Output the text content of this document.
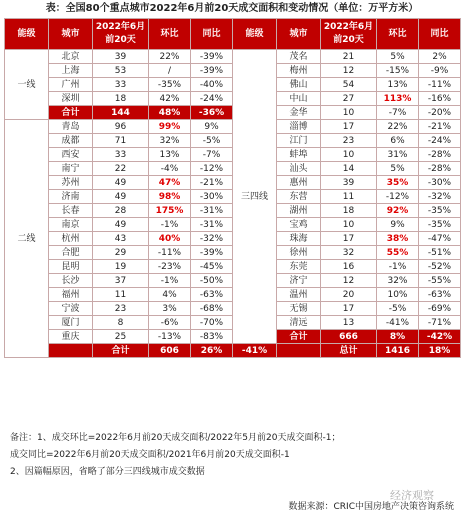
表：全国80个重点城市2022年6月前20天成交面积和变动情况（单位：万平方米）
能级	城市	2022年6月前20天	环比	同比	能级	城市	2022年6月前20天	环比	同比	
一线	北京	39	22%	-39%	三四线	茂名	21	5%	2%	
	上海	53	/	-39%		梅州	12	-15%	-9%	
	广州	33	-35%	-40%		佛山	54	13%	-11%	
	深圳	18	42%	-24%		中山	27	113%	-16%	
	合计	144	48%	-36%		金华	10	-7%	-20%	
二线	青岛	96	99%	9%		淄博	17	22%	-21%	
	成都	71	32%	-5%		江门	23	6%	-24%	
	西安	33	13%	-7%		蚌埠	10	31%	-28%	
	南宁	22	-4%	-12%		汕头	14	5%	-28%	
	苏州	49	47%	-21%		惠州	39	35%	-30%	
	济南	49	98%	-30%		东营	11	-12%	-32%	
	长春	28	175%	-31%		湖州	18	92%	-35%	
	南京	49	-1%	-31%		宝鸡	10	9%	-35%	
	杭州	43	40%	-32%		珠海	17	38%	-47%	
	合肥	29	-11%	-39%		徐州	32	55%	-51%	
	昆明	19	-23%	-45%		东莞	16	-1%	-52%	
	长沙	37	-1%	-50%		济宁	12	32%	-55%	
	福州	11	4%	-63%		温州	20	10%	-63%	
	宁波	23	3%	-68%		无锡	17	-5%	-69%	
	厦门	8	-6%	-70%		清远	13	-41%	-71%	
	重庆	25	-13%	-83%		合计	666	8%	-42%	
		合计	606	26%	-41%		总计	1416	18%	

备注：1、成交环比=2022年6月前20天成交面积/2022年5月前20天成交面积-1；

成交同比=2022年6月前20天成交面积/2021年6月前20天成交面积-1

2、因篇幅原因，省略了部分三四线城市成交数据

经济观察
数据来源：CRIC中国房地产决策咨询系统
